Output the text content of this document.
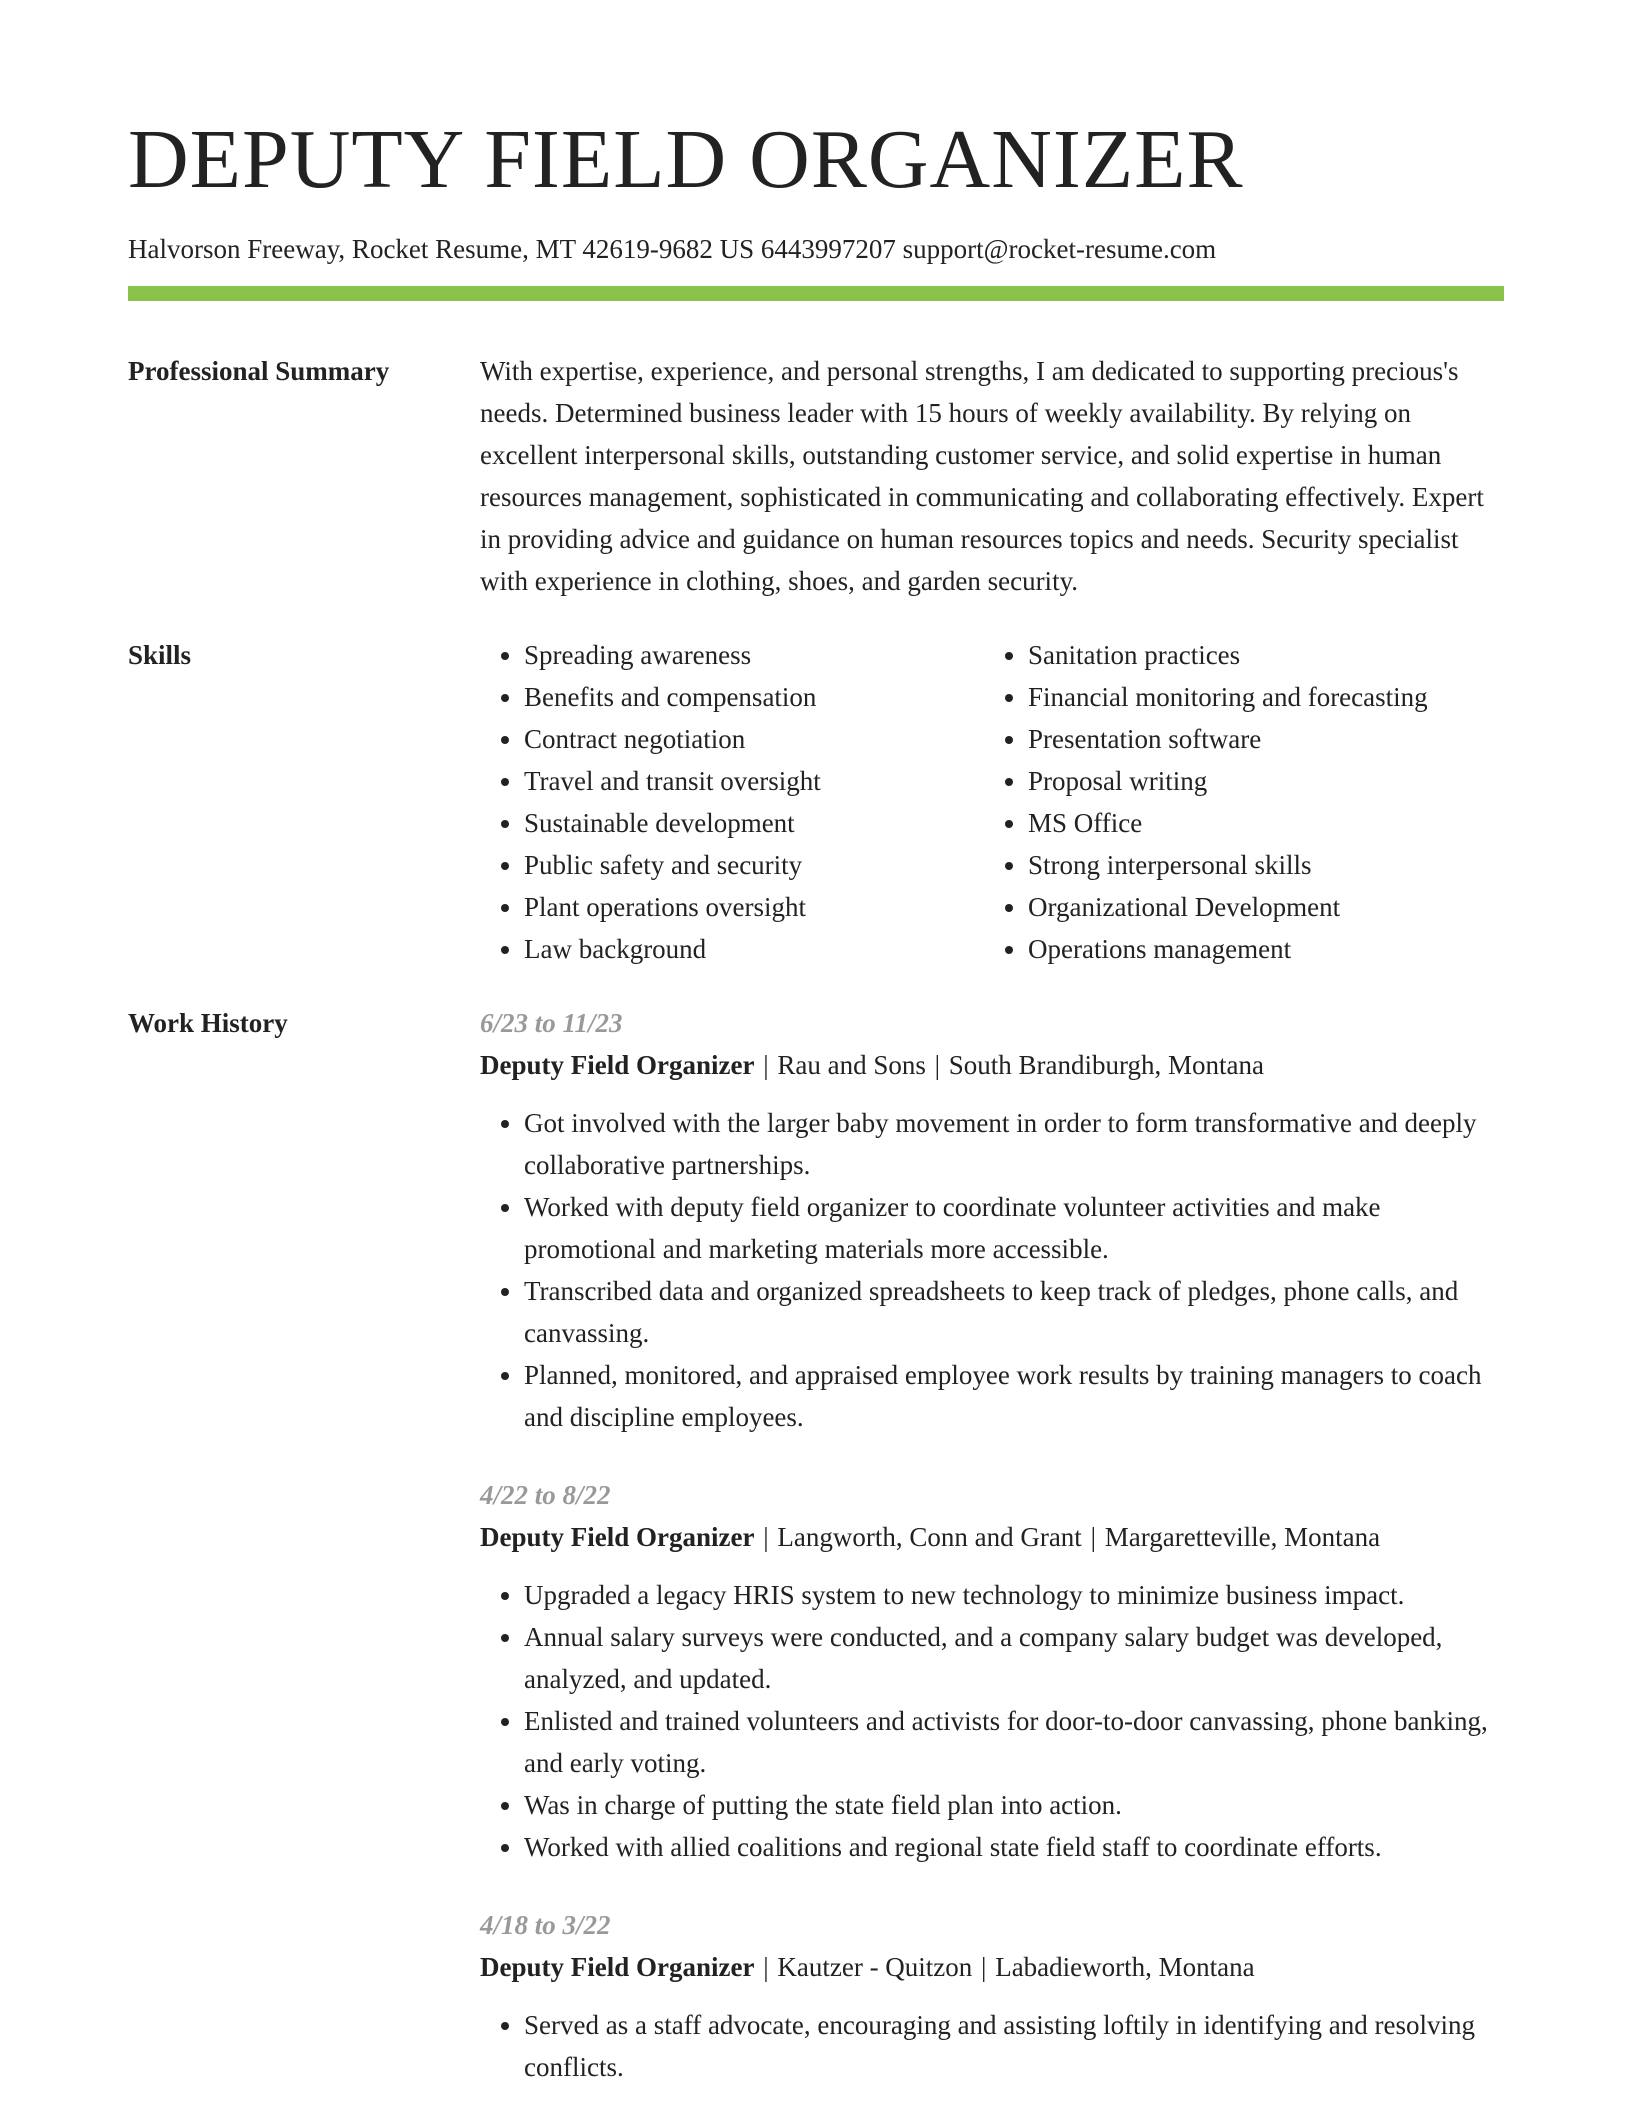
DEPUTY FIELD ORGANIZER
Halvorson Freeway, Rocket Resume, MT 42619-9682 US 6443997207 support@rocket-resume.com
Professional Summary	With expertise, experience, and personal strengths, I am dedicated to supporting precious's needs. Determined business leader with 15 hours of weekly availability. By relying on excellent interpersonal skills, outstanding customer service, and solid expertise in human resources management, sophisticated in communicating and collaborating effectively. Expert in providing advice and guidance on human resources topics and needs. Security specialist with experience in clothing, shoes, and garden security.

Skills
•	Spreading awareness
• Benefits and compensation
• Contract negotiation
• Travel and transit oversight
• Sustainable development
• Public safety and security
• Plant operations oversight
• Law background
• Sanitation practices
• Financial monitoring and forecasting
• Presentation software
• Proposal writing
• MS Office
• Strong interpersonal skills
• Organizational Development
• Operations management
Work History	6/23 to 11/23
Deputy Field Organizer | Rau and Sons | South Brandiburgh, Montana
• Got involved with the larger baby movement in order to form transformative and deeply collaborative partnerships.
• Worked with deputy field organizer to coordinate volunteer activities and make promotional and marketing materials more accessible.
• Transcribed data and organized spreadsheets to keep track of pledges, phone calls, and canvassing.
• Planned, monitored, and appraised employee work results by training managers to coach and discipline employees.
4/22 to 8/22
Deputy Field Organizer | Langworth, Conn and Grant | Margaretteville, Montana
• Upgraded a legacy HRIS system to new technology to minimize business impact.
• Annual salary surveys were conducted, and a company salary budget was developed, analyzed, and updated.
• Enlisted and trained volunteers and activists for door-to-door canvassing, phone banking, and early voting.
• Was in charge of putting the state field plan into action.
• Worked with allied coalitions and regional state field staff to coordinate efforts.
4/18 to 3/22
Deputy Field Organizer | Kautzer - Quitzon | Labadieworth, Montana
• Served as a staff advocate, encouraging and assisting loftily in identifying and resolving conflicts.
